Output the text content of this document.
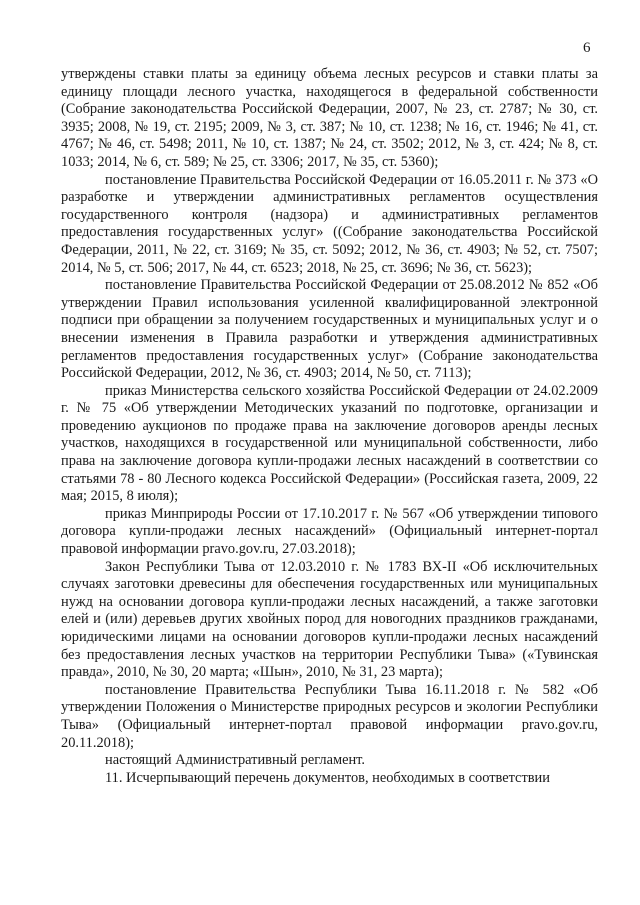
6

утверждены ставки платы за единицу объема лесных ресурсов и ставки платы за единицу площади лесного участка, находящегося в федеральной собственности (Собрание законодательства Российской Федерации, 2007, № 23, ст. 2787; № 30, ст. 3935; 2008, № 19, ст. 2195; 2009, № 3, ст. 387; № 10, ст. 1238; № 16, ст. 1946; № 41, ст. 4767; № 46, ст. 5498; 2011, № 10, ст. 1387; № 24, ст. 3502; 2012, № 3, ст. 424; № 8, ст. 1033; 2014, № 6, ст. 589; № 25, ст. 3306; 2017, № 35, ст. 5360);

постановление Правительства Российской Федерации от 16.05.2011 г. № 373 «О разработке и утверждении административных регламентов осуществления государственного контроля (надзора) и административных регламентов предоставления государственных услуг» ((Собрание законодательства Российской Федерации, 2011, № 22, ст. 3169; № 35, ст. 5092; 2012, № 36, ст. 4903; № 52, ст. 7507; 2014, № 5, ст. 506; 2017, № 44, ст. 6523; 2018, № 25, ст. 3696; № 36, ст. 5623);

постановление Правительства Российской Федерации от 25.08.2012 № 852 «Об утверждении Правил использования усиленной квалифицированной электронной подписи при обращении за получением государственных и муниципальных услуг и о внесении изменения в Правила разработки и утверждения административных регламентов предоставления государственных услуг» (Собрание законодательства Российской Федерации, 2012, № 36, ст. 4903; 2014, № 50, ст. 7113);

приказ Министерства сельского хозяйства Российской Федерации от 24.02.2009 г. № 75 «Об утверждении Методических указаний по подготовке, организации и проведению аукционов по продаже права на заключение договоров аренды лесных участков, находящихся в государственной или муниципальной собственности, либо права на заключение договора купли-продажи лесных насаждений в соответствии со статьями 78 - 80 Лесного кодекса Российской Федерации» (Российская газета, 2009, 22 мая; 2015, 8 июля);

приказ Минприроды России от 17.10.2017 г. № 567 «Об утверждении типового договора купли-продажи лесных насаждений» (Официальный интернет-портал правовой информации pravo.gov.ru, 27.03.2018);

Закон Республики Тыва от 12.03.2010 г. № 1783 ВХ-II «Об исключительных случаях заготовки древесины для обеспечения государственных или муниципальных нужд на основании договора купли-продажи лесных насаждений, а также заготовки елей и (или) деревьев других хвойных пород для новогодних праздников гражданами, юридическими лицами на основании договоров купли-продажи лесных насаждений без предоставления лесных участков на территории Республики Тыва» («Тувинская правда», 2010, № 30, 20 марта; «Шын», 2010, № 31, 23 марта);

постановление Правительства Республики Тыва 16.11.2018 г. № 582 «Об утверждении Положения о Министерстве природных ресурсов и экологии Республики Тыва» (Официальный интернет-портал правовой информации pravo.gov.ru, 20.11.2018);

настоящий Административный регламент.

11. Исчерпывающий перечень документов, необходимых в соответствии
